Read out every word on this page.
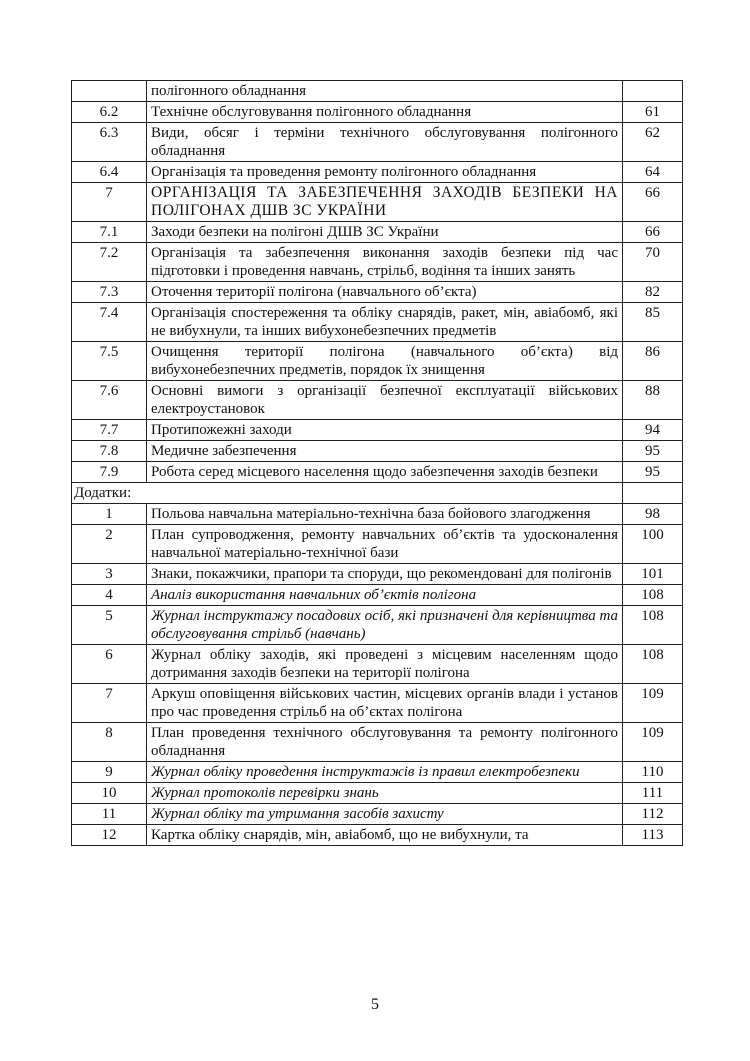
	полігонного обладнання	
6.2	Технічне обслуговування полігонного обладнання	61
6.3	Види, обсяг і терміни технічного обслуговування полігонного обладнання	62
6.4	Організація та проведення ремонту полігонного обладнання	64
7	ОРГАНІЗАЦІЯ ТА ЗАБЕЗПЕЧЕННЯ ЗАХОДІВ БЕЗПЕКИ НА ПОЛІГОНАХ ДШВ ЗС УКРАЇНИ	66
7.1	Заходи безпеки на полігоні ДШВ ЗС України	66
7.2	Організація та забезпечення виконання заходів безпеки під час підготовки і проведення навчань, стрільб, водіння та інших занять	70
7.3	Оточення території полігона (навчального об’єкта)	82
7.4	Організація спостереження та обліку снарядів, ракет, мін, авіабомб, які не вибухнули, та інших вибухонебезпечних предметів	85
7.5	Очищення території полігона (навчального об’єкта) від вибухонебезпечних предметів, порядок їх знищення	86
7.6	Основні вимоги з організації безпечної експлуатації військових електроустановок	88
7.7	Протипожежні заходи	94
7.8	Медичне забезпечення	95
7.9	Робота серед місцевого населення щодо забезпечення заходів безпеки	95
Додатки:		
1	Польова навчальна матеріально-технічна база бойового злагодження	98
2	План супроводження, ремонту навчальних об’єктів та удосконалення навчальної матеріально-технічної бази	100
3	Знаки, покажчики, прапори та споруди, що рекомендовані для полігонів	101
4	Аналіз використання навчальних об’єктів полігона	108
5	Журнал інструктажу посадових осіб, які призначені для керівництва та обслуговування стрільб (навчань)	108
6	Журнал обліку заходів, які проведені з місцевим населенням щодо дотримання заходів безпеки на території полігона	108
7	Аркуш оповіщення військових частин, місцевих органів влади і установ про час проведення стрільб на об’єктах полігона	109
8	План проведення технічного обслуговування та ремонту полігонного обладнання	109
9	Журнал обліку проведення інструктажів із правил електробезпеки	110
10	Журнал протоколів перевірки знань	111
11	Журнал обліку та утримання засобів захисту	112
12	Картка обліку снарядів, мін, авіабомб, що не вибухнули, та	113
5
